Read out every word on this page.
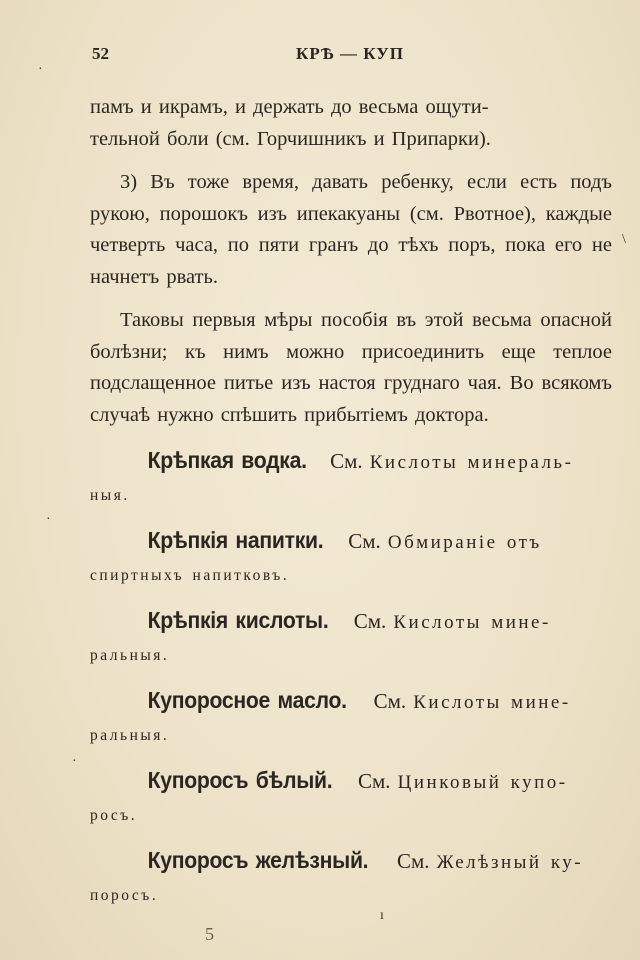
52	КРѢ — КУП

памъ и икрамъ, и держать до весьма ощути-
тельной боли (см. Горчишникъ и Припарки).

3) Въ тоже время, давать ребенку, если есть подъ рукою, порошокъ изъ ипекакуаны (см. Рвотное), каждые четверть часа, по пяти гранъ до тѣхъ поръ, пока его не начнетъ рвать.

Таковы первыя мѣры пособія въ этой весьма опасной болѣзни; къ нимъ можно присоединить еще теплое подслащенное питье изъ настоя груднаго чая. Во всякомъ случаѣ нужно спѣшить прибытіемъ доктора.

Крѣпкая водка. См. Кислоты минераль-
ныя.
Крѣпкія напитки. См. Обмираніе отъ
спиртныхъ напитковъ.
Крѣпкія кислоты. См. Кислоты мине-
ральныя.
Купоросное масло. См. Кислоты мине-
ральныя.
Купоросъ бѣлый. См. Цинковый купо-
росъ.
Купоросъ желѣзный. См. Желѣзный ку-
поросъ.
5
·
\
·
·
ı
